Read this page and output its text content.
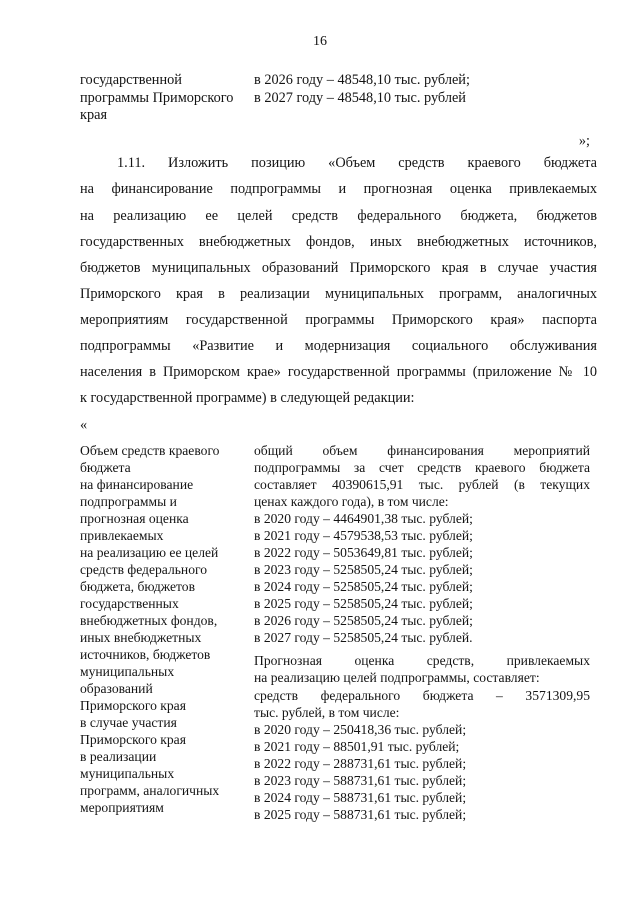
16
государственной
программы Приморского
края
в 2026 году – 48548,10 тыс. рублей;
в 2027 году – 48548,10 тыс. рублей
»;
1.11. Изложить позицию «Объем средств краевого бюджета
на финансирование подпрограммы и прогнозная оценка привлекаемых
на реализацию ее целей средств федерального бюджета, бюджетов
государственных внебюджетных фондов, иных внебюджетных источников,
бюджетов муниципальных образований Приморского края в случае участия
Приморского края в реализации муниципальных программ, аналогичных
мероприятиям государственной программы Приморского края» паспорта
подпрограммы «Развитие и модернизация социального обслуживания
населения в Приморском крае» государственной программы (приложение № 10
к государственной программе) в следующей редакции:
«
Объем средств краевого
бюджета
на финансирование
подпрограммы и
прогнозная оценка
привлекаемых
на реализацию ее целей
средств федерального
бюджета, бюджетов
государственных
внебюджетных фондов,
иных внебюджетных
источников, бюджетов
муниципальных
образований
Приморского края
в случае участия
Приморского края
в реализации
муниципальных
программ, аналогичных
мероприятиям
общий объем финансирования мероприятий
подпрограммы за счет средств краевого бюджета
составляет 40390615,91 тыс. рублей (в текущих
ценах каждого года), в том числе:
в 2020 году – 4464901,38 тыс. рублей;
в 2021 году – 4579538,53 тыс. рублей;
в 2022 году – 5053649,81 тыс. рублей;
в 2023 году – 5258505,24 тыс. рублей;
в 2024 году – 5258505,24 тыс. рублей;
в 2025 году – 5258505,24 тыс. рублей;
в 2026 году – 5258505,24 тыс. рублей;
в 2027 году – 5258505,24 тыс. рублей.
Прогнозная оценка средств, привлекаемых
на реализацию целей подпрограммы, составляет:
средств федерального бюджета – 3571309,95
тыс. рублей, в том числе:
в 2020 году – 250418,36 тыс. рублей;
в 2021 году – 88501,91 тыс. рублей;
в 2022 году – 288731,61 тыс. рублей;
в 2023 году – 588731,61 тыс. рублей;
в 2024 году – 588731,61 тыс. рублей;
в 2025 году – 588731,61 тыс. рублей;
